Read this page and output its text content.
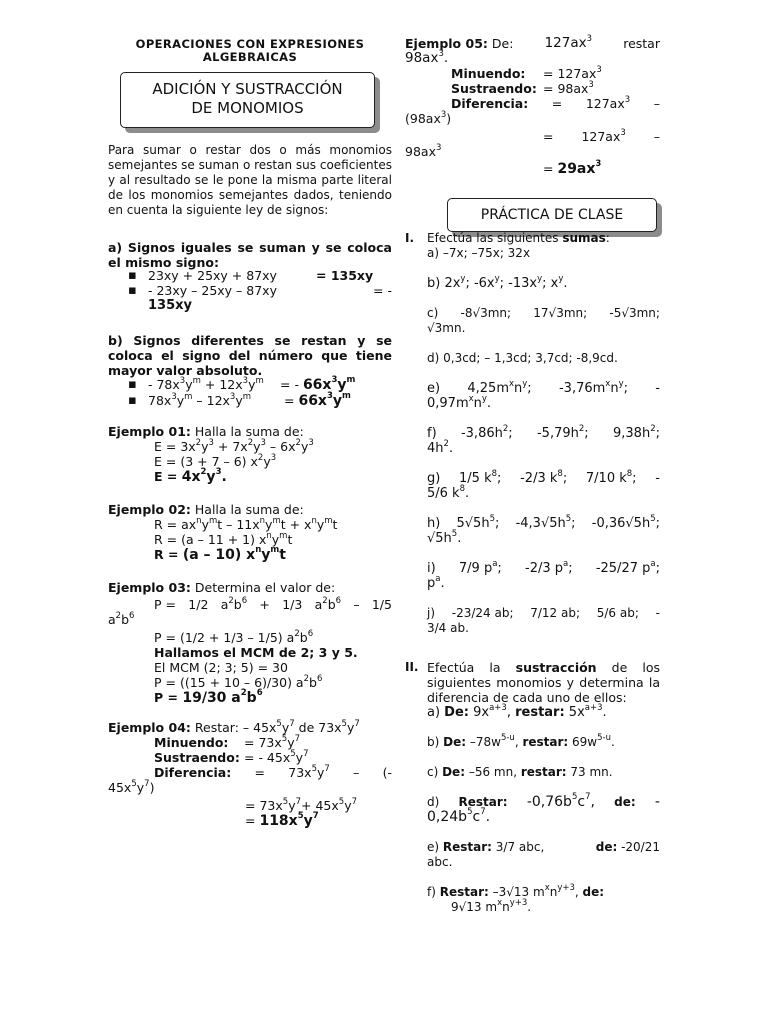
OPERACIONES CON EXPRESIONES
ALGEBRAICAS
ADICIÓN Y SUSTRACCIÓN
DE MONOMIOS
Para sumar o restar dos o más monomios semejantes se suman o restan sus coeficientes y al resultado se le pone la misma parte literal de los monomios semejantes dados, teniendo en cuenta la siguiente ley de signos:
a) Signos iguales se suman y se coloca el mismo signo:
▪ 23xy + 25xy + 87xy	= 135xy
▪ - 23xy – 25xy – 87xy	= -
135xy
b) Signos diferentes se restan y se coloca el signo del número que tiene mayor valor absoluto.
▪ - $78x^3y^m + 12x^3y^m$	= - $66x^3y^m$
▪ $78x^3y^m - 12x^3y^m$	= $66x^3y^m$
Ejemplo 01: Halla la suma de:
$E = 3x^2y^3 + 7x^2y^3 - 6x^2y^3$
E = (3 + 7 – 6) $x^2y^3$
$E = 4x^2y^3$.
Ejemplo 02: Halla la suma de:
$R = ax^ny^mt - 11x^ny^mt + x^ny^mt$
R = (a – 11 + 1) $x^ny^mt$
R = (a – 10) $x^ny^mt$
Ejemplo 03: Determina el valor de:
P = 1/2 $a^2b^6 + 1/3$ $a^2b^6 - 1/5$
$a^2b^6$
P = (1/2 + 1/3 – 1/5) $a^2b^6$
Hallamos el MCM de 2; 3 y 5.
El MCM (2; 3; 5) = 30
P = ((15 + 10 – 6)/30) $a^2b^6$
P = 19/30 $a^2b^6$
Ejemplo 04: Restar: – $45x^5y^7$ de $73x^5y^7$
Minuendo:	= $73x^5y^7$
Sustraendo: = - $45x^5y^7$
Diferencia: = $73x^5y^7$ – (-
$45x^5y^7$)
= $73x^5y^7+ 45x^5y^7$
= $118x^5y^7$
Ejemplo 05: De: $127ax^3$ restar
$98ax^3$.
Minuendo:	= $127ax^3$
Sustraendo: = $98ax^3$
Diferencia: = $127ax^3$ –
$(98ax^3)$
= $127ax^3$ –
$98ax^3$
= $29ax^3$
PRÁCTICA DE CLASE
I. Efectúa las siguientes sumas:
a) –7x; –75x; 32x
b) $2x^y$; $-6x^y$; $-13x^y$; $x^y$.
c) -8√3mn; 17√3mn; -5√3mn;
√3mn.
d) 0,3cd; – 1,3cd; 3,7cd; -8,9cd.
e) $4,25m^xn^y$; $-3,76m^xn^y$; -
$0,97m^xn^y$.
f) $-3,86h^2$; $-5,79h^2$; $9,38h^2$;
$4h^2$.
g) 1/5 $k^8$; -2/3 $k^8$; 7/10 $k^8$; -
5/6 $k^8$.
h) $5√5h^5$; $-4,3√5h^5$; $-0,36√5h^5$;
$√5h^5$.
i) 7/9 $p^a$; -2/3 $p^a$; -25/27 $p^a$;
$p^a$.
j) -23/24 ab; 7/12 ab; 5/6 ab; -
3/4 ab.
II. Efectúa la sustracción de los siguientes monomios y determina la diferencia de cada uno de ellos:
a) De: $9x^{a+3}$, restar: $5x^{a+3}$.
b) De: $-78w^{5-u}$, restar: $69w^{5-u}$.
c) De: –56 mn, restar: 73 mn.
d) Restar: $-0,76b^5c^7$, de: -
$0,24b^5c^7$.
e) Restar: 3/7 abc,	de: -20/21
abc.
f) Restar: –3√13 $m^xn^{y+3}$, de:
9√13 $m^xn^{y+3}$.
